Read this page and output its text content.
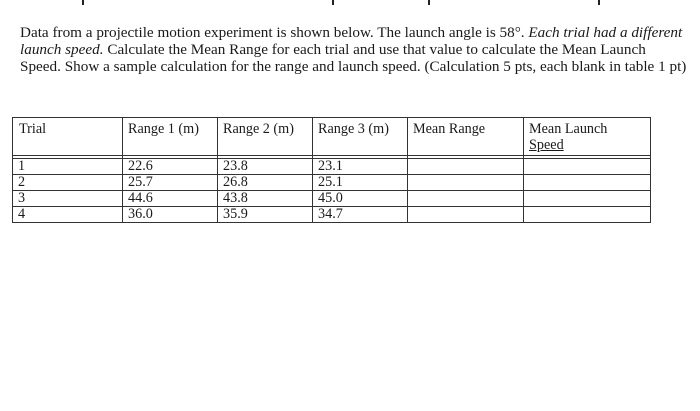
Data from a projectile motion experiment is shown below. The launch angle is 58°. Each trial had a different launch speed. Calculate the Mean Range for each trial and use that value to calculate the Mean Launch Speed. Show a sample calculation for the range and launch speed. (Calculation 5 pts, each blank in table 1 pt)

Trial	Range 1 (m)	Range 2 (m)	Range 3 (m)	Mean Range	Mean Launch
Speed

1	22.6	23.8	23.1		
2	25.7	26.8	25.1		
3	44.6	43.8	45.0		
4	36.0	35.9	34.7		
